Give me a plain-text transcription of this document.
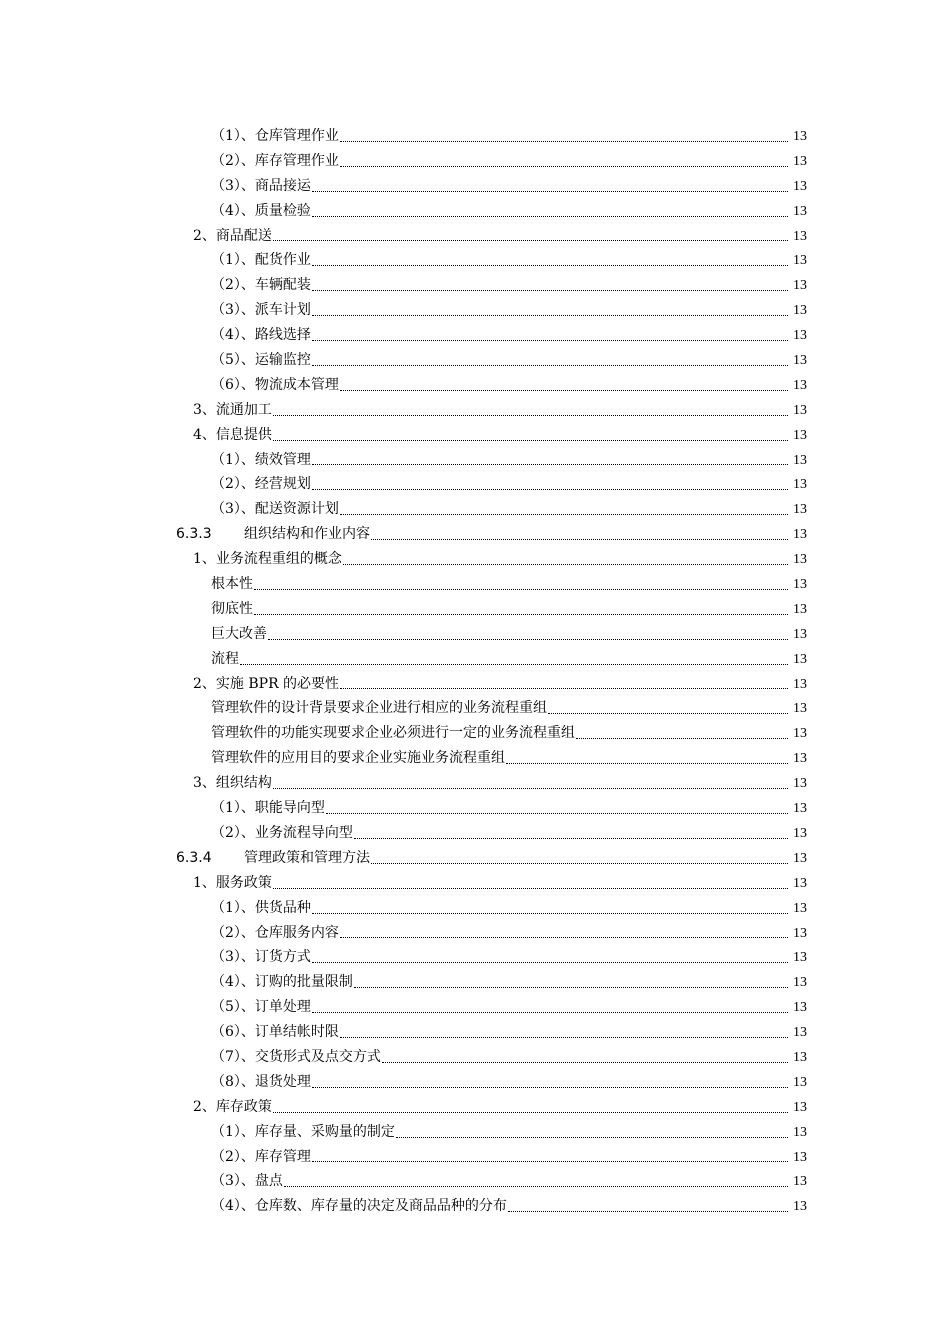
（1）、仓库管理作业	13
（2）、库存管理作业	13
（3）、商品接运	13
（4）、质量检验	13
2、商品配送	13
（1）、配货作业	13
（2）、车辆配装	13
（3）、派车计划	13
（4）、路线选择	13
（5）、运输监控	13
（6）、物流成本管理	13
3、流通加工	13
4、信息提供	13
（1）、绩效管理	13
（2）、经营规划	13
（3）、配送资源计划	13
6.3.3	组织结构和作业内容	13
1、业务流程重组的概念	13
根本性	13
彻底性	13
巨大改善	13
流程	13
2、实施 BPR 的必要性	13
管理软件的设计背景要求企业进行相应的业务流程重组	13
管理软件的功能实现要求企业必须进行一定的业务流程重组	13
管理软件的应用目的要求企业实施业务流程重组	13
3、组织结构	13
（1）、职能导向型	13
（2）、业务流程导向型	13
6.3.4	管理政策和管理方法	13
1、服务政策	13
（1）、供货品种	13
（2）、仓库服务内容	13
（3）、订货方式	13
（4）、订购的批量限制	13
（5）、订单处理	13
（6）、订单结帐时限	13
（7）、交货形式及点交方式	13
（8）、退货处理	13
2、库存政策	13
（1）、库存量、采购量的制定	13
（2）、库存管理	13
（3）、盘点	13
（4）、仓库数、库存量的决定及商品品种的分布	13
